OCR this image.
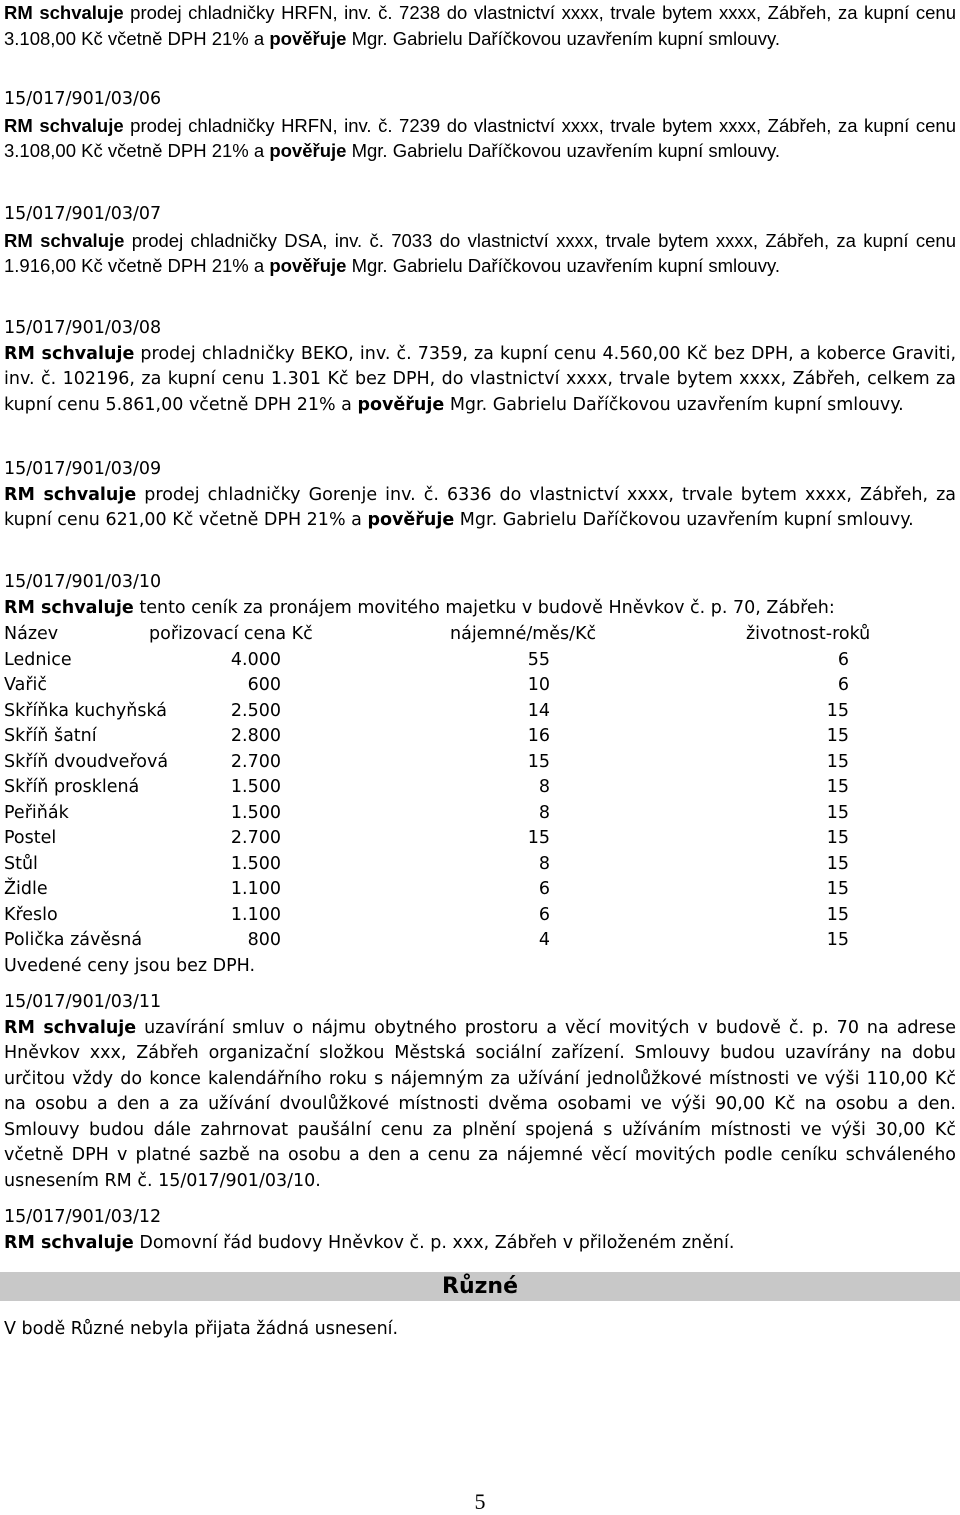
RM schvaluje prodej chladničky HRFN, inv. č. 7238 do vlastnictví xxxx, trvale bytem xxxx, Zábřeh, za kupní cenu 3.108,00 Kč včetně DPH 21% a pověřuje Mgr. Gabrielu Daříčkovou uzavřením kupní smlouvy.

15/017/901/03/06

RM schvaluje prodej chladničky HRFN, inv. č. 7239 do vlastnictví xxxx, trvale bytem xxxx, Zábřeh, za kupní cenu 3.108,00 Kč včetně DPH 21% a pověřuje Mgr. Gabrielu Daříčkovou uzavřením kupní smlouvy.

15/017/901/03/07

RM schvaluje prodej chladničky DSA, inv. č. 7033 do vlastnictví xxxx, trvale bytem xxxx, Zábřeh, za kupní cenu 1.916,00 Kč včetně DPH 21% a pověřuje Mgr. Gabrielu Daříčkovou uzavřením kupní smlouvy.

15/017/901/03/08

RM schvaluje prodej chladničky BEKO, inv. č. 7359, za kupní cenu 4.560,00 Kč bez DPH, a koberce Graviti, inv. č. 102196, za kupní cenu 1.301 Kč bez DPH, do vlastnictví xxxx, trvale bytem xxxx, Zábřeh, celkem za kupní cenu 5.861,00 včetně DPH 21% a pověřuje Mgr. Gabrielu Daříčkovou uzavřením kupní smlouvy.

15/017/901/03/09

RM schvaluje prodej chladničky Gorenje inv. č. 6336 do vlastnictví xxxx, trvale bytem xxxx, Zábřeh, za kupní cenu 621,00 Kč včetně DPH 21% a pověřuje Mgr. Gabrielu Daříčkovou uzavřením kupní smlouvy.

15/017/901/03/10

RM schvaluje tento ceník za pronájem movitého majetku v budově Hněvkov č. p. 70, Zábřeh:

Název	pořizovací cena Kč	nájemné/měs/Kč	životnost-roků
Lednice	4.000	55	6
Vařič	600	10	6
Skříňka kuchyňská	2.500	14	15
Skříň šatní	2.800	16	15
Skříň dvoudveřová	2.700	15	15
Skříň prosklená	1.500	8	15
Peřiňák	1.500	8	15
Postel	2.700	15	15
Stůl	1.500	8	15
Židle	1.100	6	15
Křeslo	1.100	6	15
Polička závěsná	800	4	15
Uvedené ceny jsou bez DPH.

15/017/901/03/11

RM schvaluje uzavírání smluv o nájmu obytného prostoru a věcí movitých v budově č. p. 70 na adrese Hněvkov xxx, Zábřeh organizační složkou Městská sociální zařízení. Smlouvy budou uzavírány na dobu určitou vždy do konce kalendářního roku s nájemným za užívání jednolůžkové místnosti ve výši 110,00 Kč na osobu a den a za užívání dvoulůžkové místnosti dvěma osobami ve výši 90,00 Kč na osobu a den. Smlouvy budou dále zahrnovat paušální cenu za plnění spojená s užíváním místnosti ve výši 30,00 Kč včetně DPH v platné sazbě na osobu a den a cenu za nájemné věcí movitých podle ceníku schváleného usnesením RM č. 15/017/901/03/10.

15/017/901/03/12

RM schvaluje Domovní řád budovy Hněvkov č. p. xxx, Zábřeh v přiloženém znění.

V bodě Různé nebyla přijata žádná usnesení.

Různé
5
